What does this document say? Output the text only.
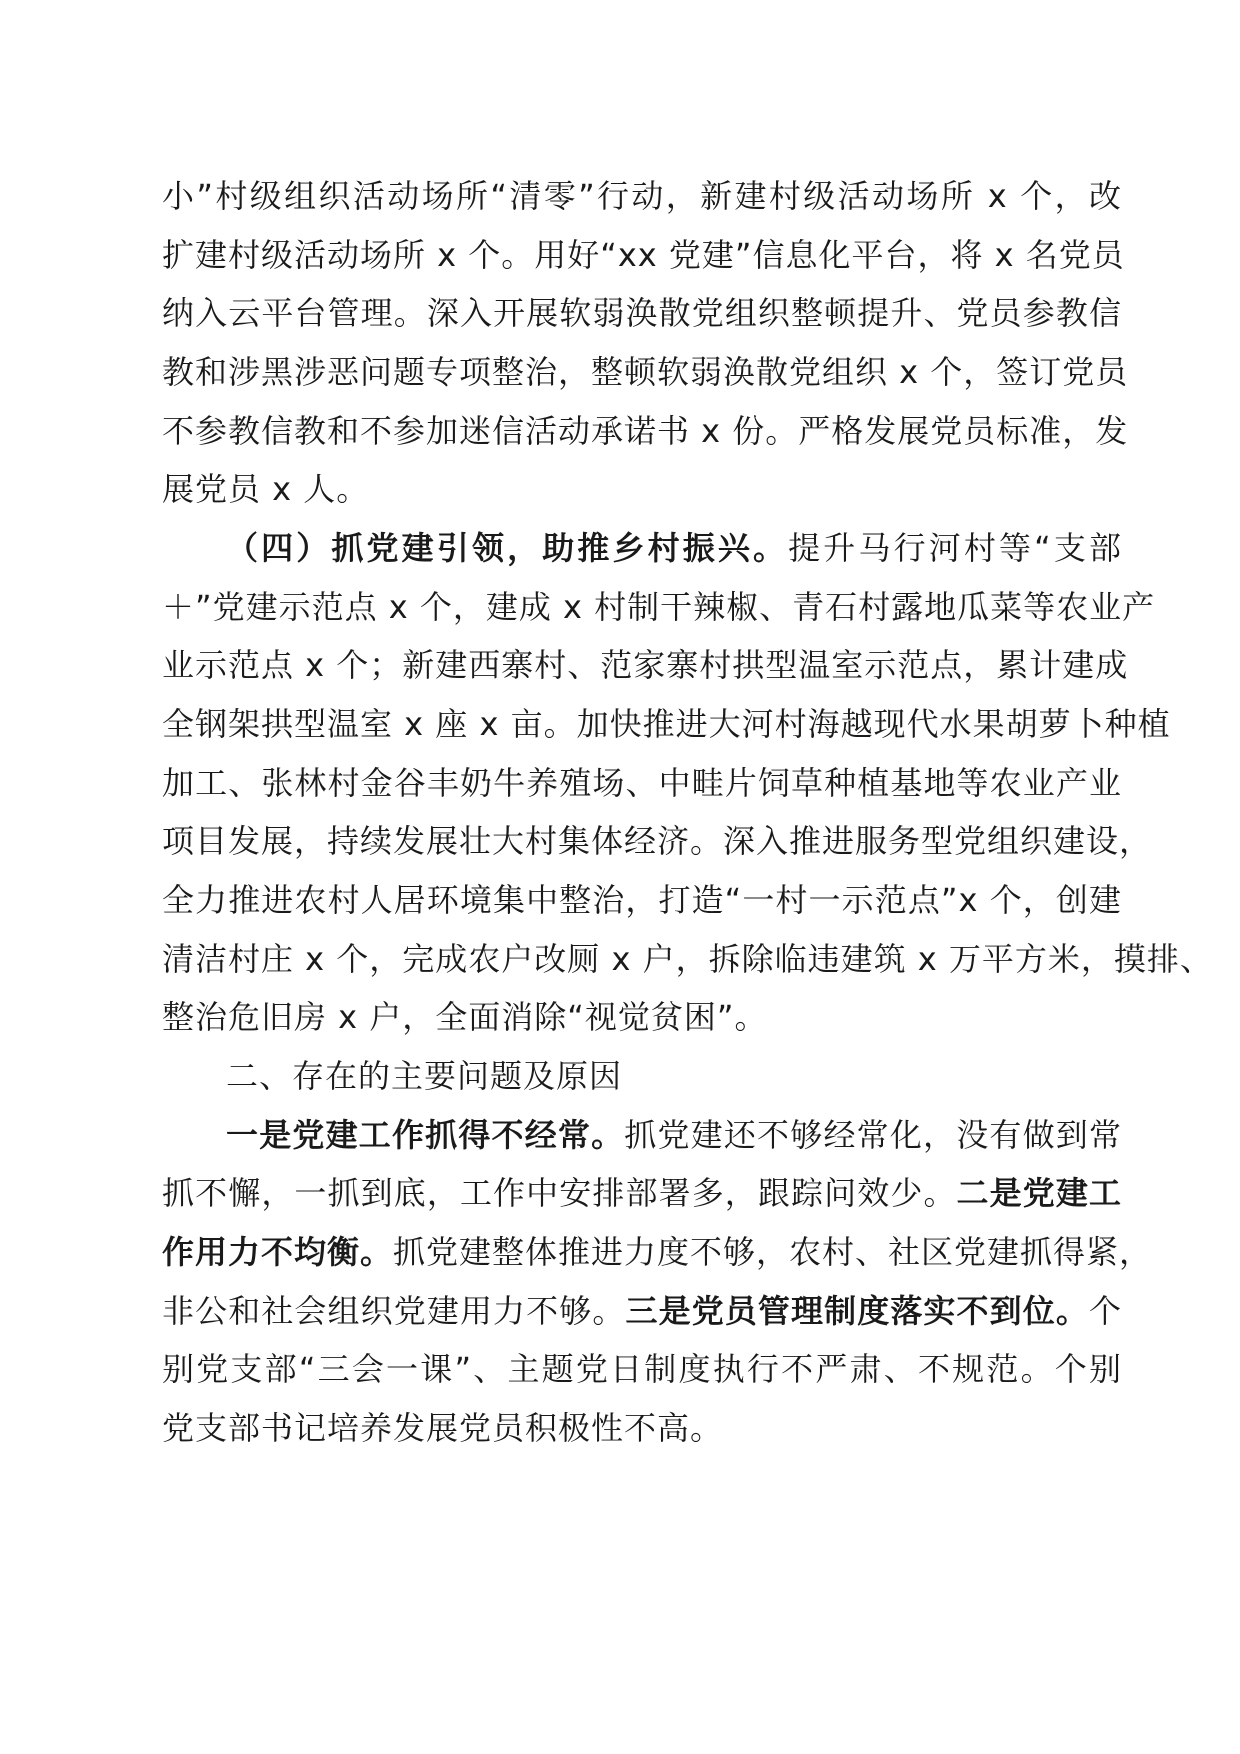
小”村级组织活动场所“清零”行动，新建村级活动场所 x 个，改
扩建村级活动场所 x 个。用好“xx 党建”信息化平台，将 x 名党员
纳入云平台管理。深入开展软弱涣散党组织整顿提升、党员参教信
教和涉黑涉恶问题专项整治，整顿软弱涣散党组织 x 个，签订党员
不参教信教和不参加迷信活动承诺书 x 份。严格发展党员标准，发
展党员 x 人。
（四）抓党建引领，助推乡村振兴。提升马行河村等“支部
＋”党建示范点 x 个，建成 x 村制干辣椒、青石村露地瓜菜等农业产
业示范点 x 个；新建西寨村、范家寨村拱型温室示范点，累计建成
全钢架拱型温室 x 座 x 亩。加快推进大河村海越现代水果胡萝卜种植
加工、张林村金谷丰奶牛养殖场、中畦片饲草种植基地等农业产业
项目发展，持续发展壮大村集体经济。深入推进服务型党组织建设，
全力推进农村人居环境集中整治，打造“一村一示范点”x 个，创建
清洁村庄 x 个，完成农户改厕 x 户，拆除临违建筑 x 万平方米，摸排、
整治危旧房 x 户，全面消除“视觉贫困”。
二、存在的主要问题及原因
一是党建工作抓得不经常。抓党建还不够经常化，没有做到常
抓不懈，一抓到底，工作中安排部署多，跟踪问效少。二是党建工
作用力不均衡。抓党建整体推进力度不够，农村、社区党建抓得紧，
非公和社会组织党建用力不够。三是党员管理制度落实不到位。个
别党支部“三会一课”、主题党日制度执行不严肃、不规范。个别
党支部书记培养发展党员积极性不高。
